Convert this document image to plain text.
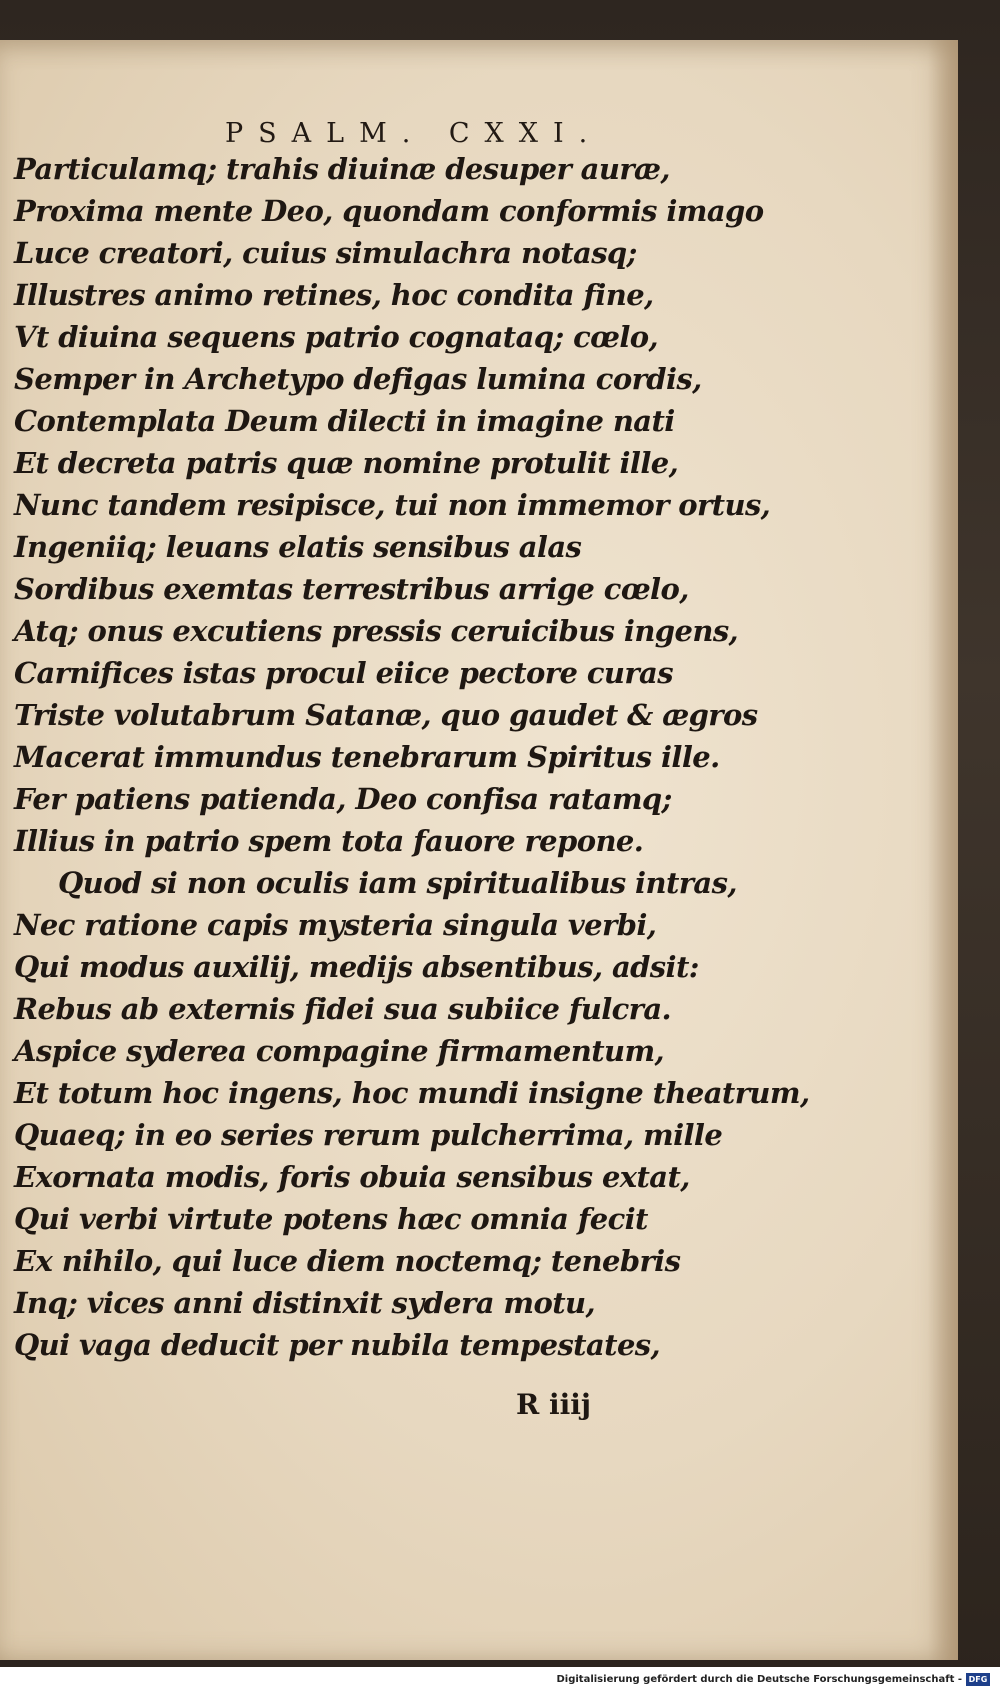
PSALM. CXXI.
Particulamq; trahis diuinæ desuper auræ,
Proxima mente Deo, quondam conformis imago
Luce creatori, cuius simulachra notasq;
Illustres animo retines, hoc condita fine,
Vt diuina sequens patrio cognataq; cœlo,
Semper in Archetypo defigas lumina cordis,
Contemplata Deum dilecti in imagine nati
Et decreta patris quæ nomine protulit ille,
Nunc tandem resipisce, tui non immemor ortus,
Ingeniiq; leuans elatis sensibus alas
Sordibus exemtas terrestribus arrige cœlo,
Atq; onus excutiens pressis ceruicibus ingens,
Carnifices istas procul eiice pectore curas
Triste volutabrum Satanæ, quo gaudet & ægros
Macerat immundus tenebrarum Spiritus ille.
Fer patiens patienda, Deo confisa ratamq;
Illius in patrio spem tota fauore repone.
Quod si non oculis iam spiritualibus intras,
Nec ratione capis mysteria singula verbi,
Qui modus auxilij, medijs absentibus, adsit:
Rebus ab externis fidei sua subiice fulcra.
Aspice syderea compagine firmamentum,
Et totum hoc ingens, hoc mundi insigne theatrum,
Quaeq; in eo series rerum pulcherrima, mille
Exornata modis, foris obuia sensibus extat,
Qui verbi virtute potens hæc omnia fecit
Ex nihilo, qui luce diem noctemq; tenebris
Inq; vices anni distinxit sydera motu,
Qui vaga deducit per nubila tempestates,
R iiij
Digitalisierung gefördert durch die Deutsche Forschungsgemeinschaft - DFG
